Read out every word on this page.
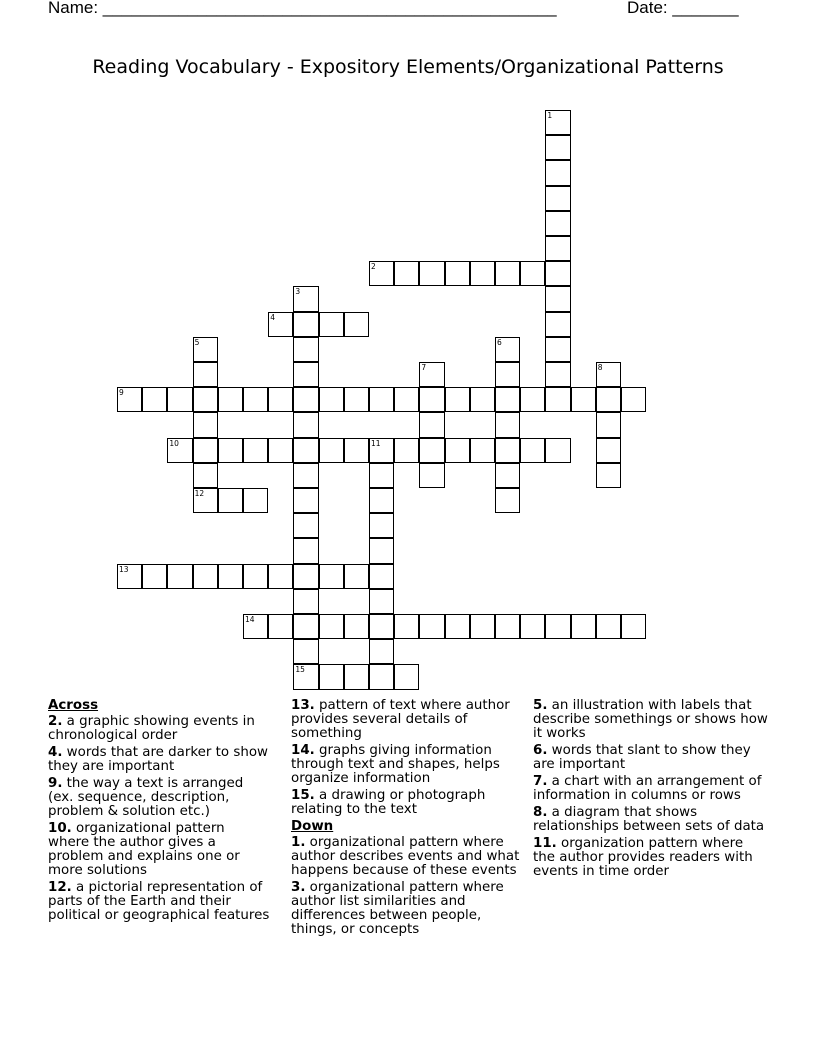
Name: ________________________________________________	Date: _______
Reading Vocabulary - Expository Elements/Organizational Patterns
1
2
3
15
4
5
12
6
7	8
9
10	11
13
14
Across
2. a graphic showing events in chronological order
4. words that are darker to show they are important
9. the way a text is arranged (ex. sequence, description, problem & solution etc.)
10. organizational pattern where the author gives a problem and explains one or more solutions
12. a pictorial representation of parts of the Earth and their political or geographical features
13. pattern of text where author provides several details of something
14. graphs giving information through text and shapes, helps organize information
15. a drawing or photograph relating to the text
Down
1. organizational pattern where author describes events and what happens because of these events
3. organizational pattern where author list similarities and differences between people, things, or concepts
5. an illustration with labels that describe somethings or shows how it works
6. words that slant to show they are important
7. a chart with an arrangement of information in columns or rows
8. a diagram that shows relationships between sets of data
11. organization pattern where the author provides readers with events in time order
